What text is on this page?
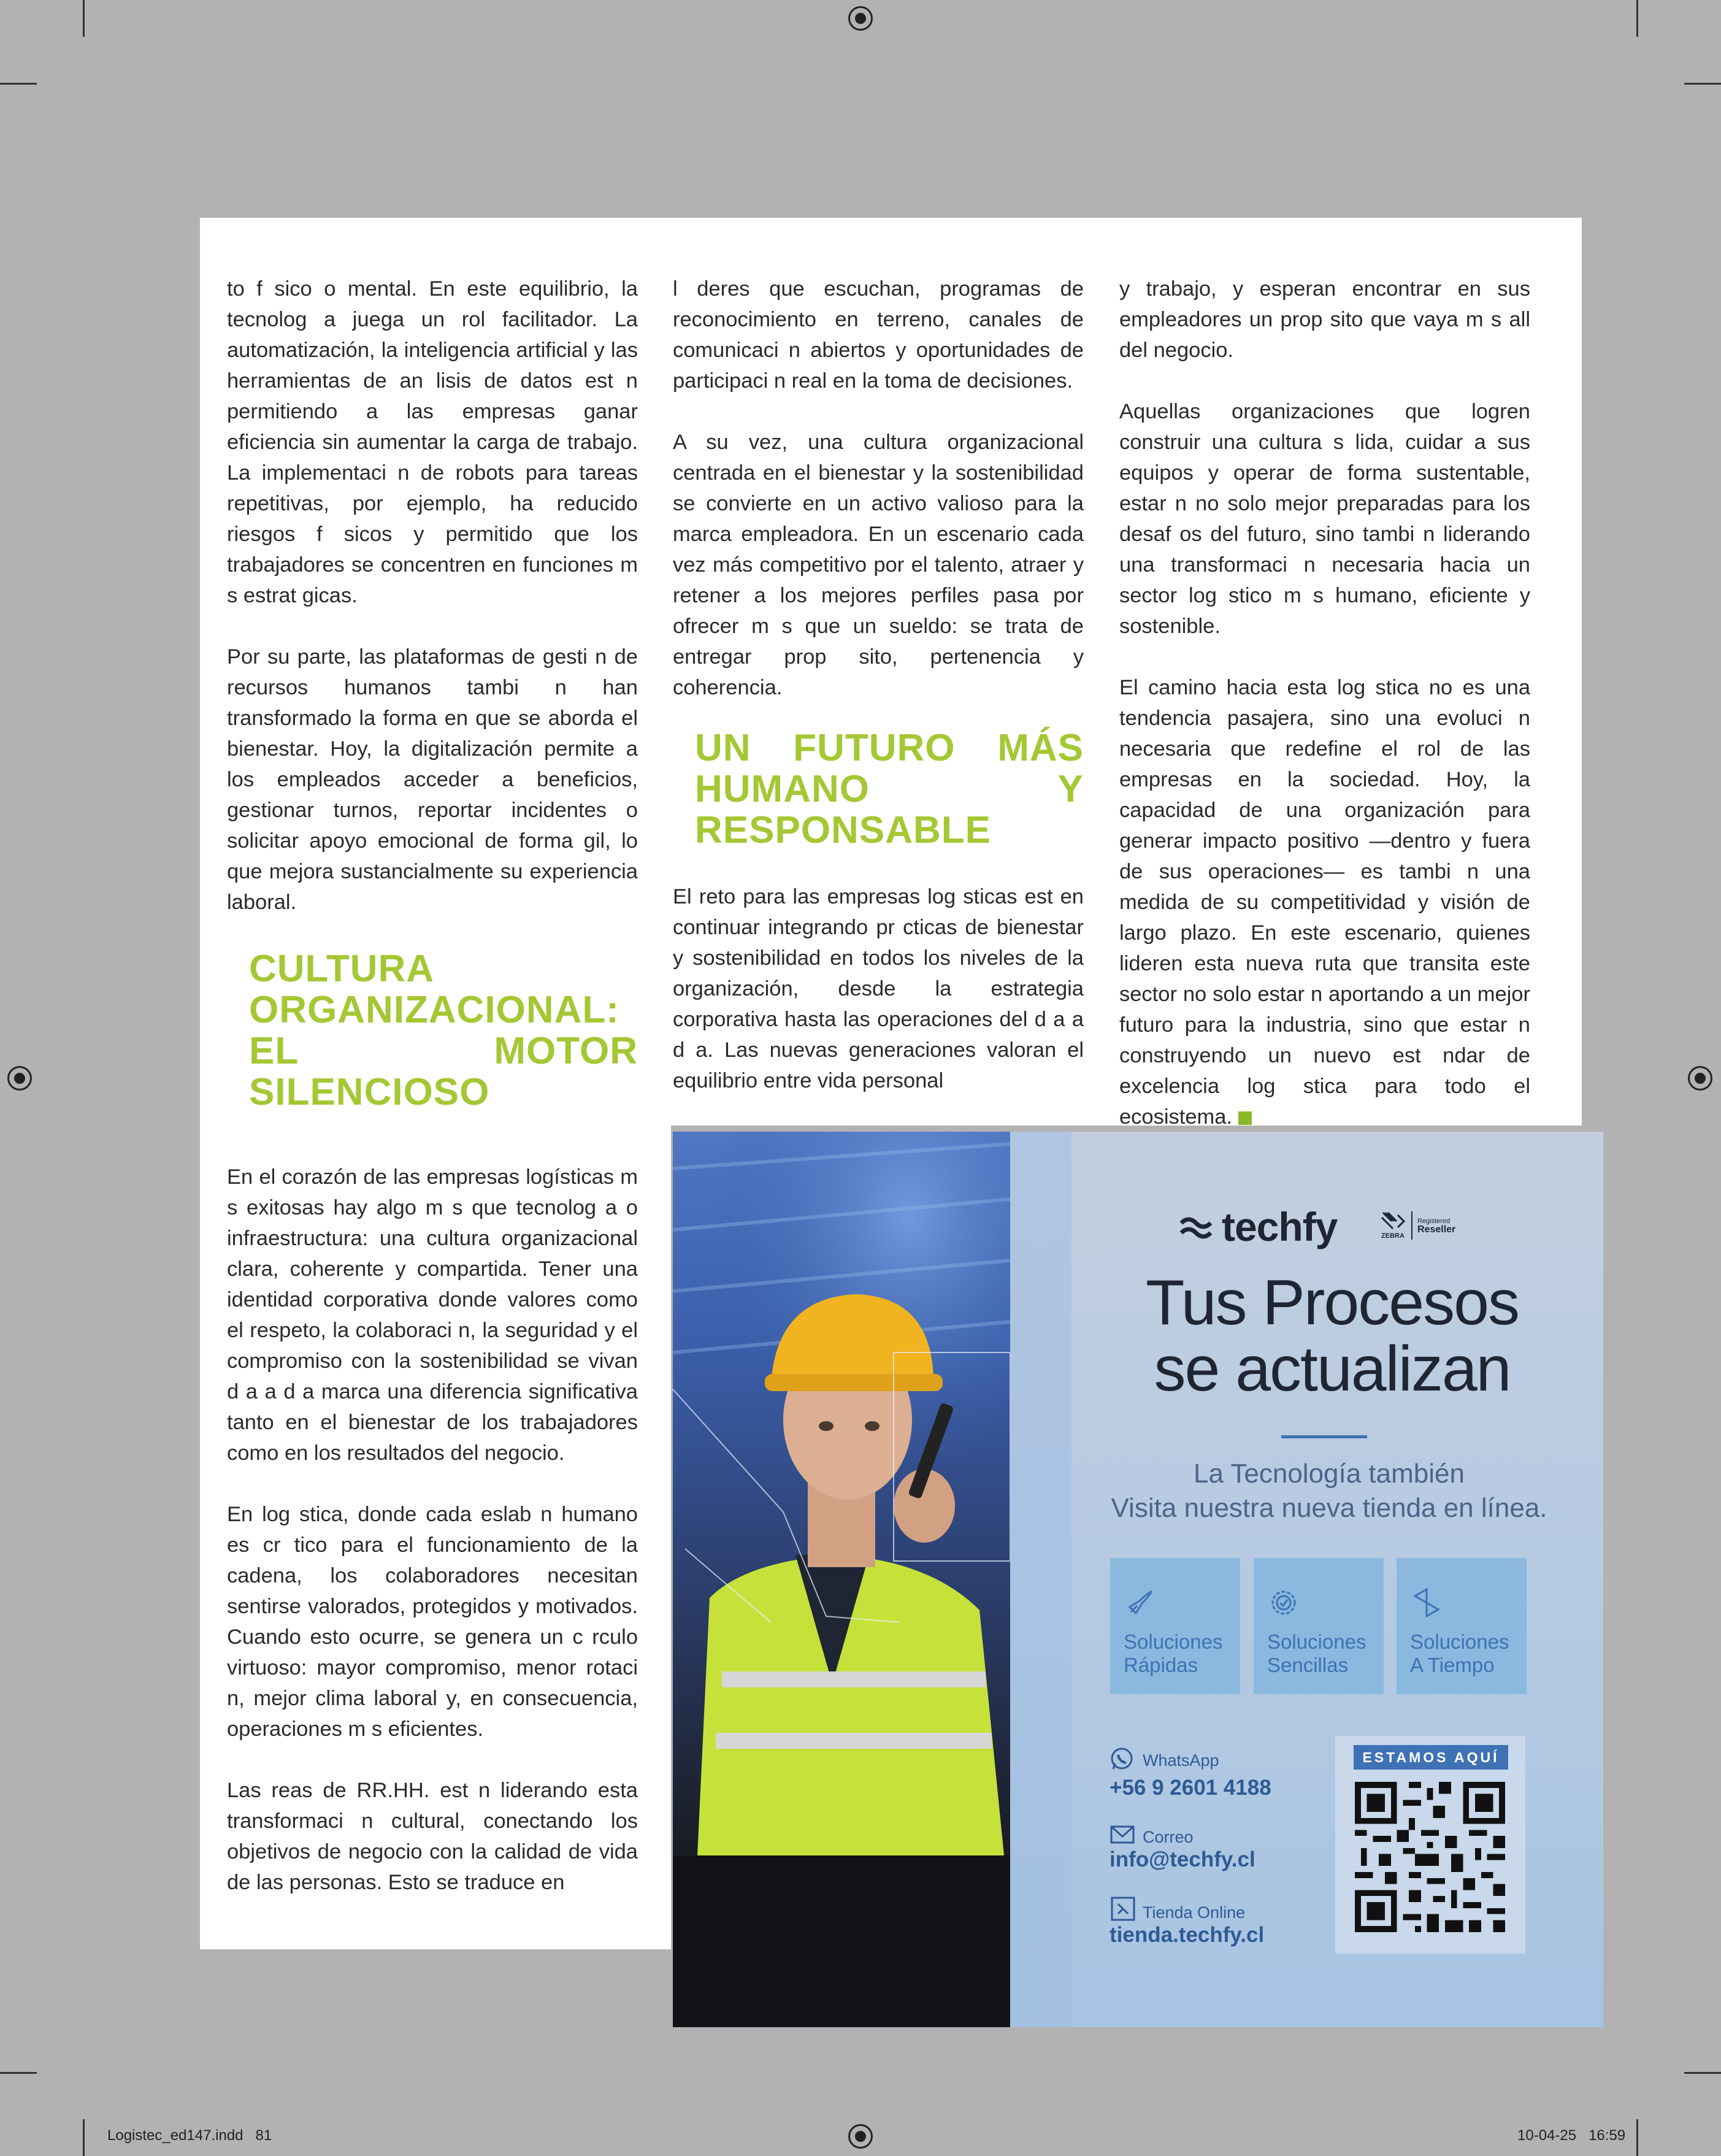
to f sico o mental. En este equilibrio, la tecnolog a juega un rol facilitador. La automatización, la inteligencia artificial y las herramientas de an lisis de datos est n permitiendo a las empresas ganar eficiencia sin aumentar la carga de trabajo. La implementaci n de robots para tareas repetitivas, por ejemplo, ha reducido riesgos f sicos y permitido que los trabajadores se concentren en funciones m s estrat gicas.

Por su parte, las plataformas de gesti n de recursos humanos tambi n han transformado la forma en que se aborda el bienestar. Hoy, la digitalización permite a los empleados acceder a beneficios, gestionar turnos, reportar incidentes o solicitar apoyo emocional de forma gil, lo que mejora sustancialmente su experiencia laboral.

CULTURA ORGANIZACIONAL: EL MOTOR SILENCIOSO

En el corazón de las empresas logísticas m s exitosas hay algo m s que tecnolog a o infraestructura: una cultura organizacional clara, coherente y compartida. Tener una identidad corporativa donde valores como el respeto, la colaboraci n, la seguridad y el compromiso con la sostenibilidad se vivan d a a d a marca una diferencia significativa tanto en el bienestar de los trabajadores como en los resultados del negocio.

En log stica, donde cada eslab n humano es cr tico para el funcionamiento de la cadena, los colaboradores necesitan sentirse valorados, protegidos y motivados. Cuando esto ocurre, se genera un c rculo virtuoso: mayor compromiso, menor rotaci n, mejor clima laboral y, en consecuencia, operaciones m s eficientes.

Las reas de RR.HH. est n liderando esta transformaci n cultural, conectando los objetivos de negocio con la calidad de vida de las personas. Esto se traduce en

l deres que escuchan, programas de reconocimiento en terreno, canales de comunicaci n abiertos y oportunidades de participaci n real en la toma de decisiones.

A su vez, una cultura organizacional centrada en el bienestar y la sostenibilidad se convierte en un activo valioso para la marca empleadora. En un escenario cada vez más competitivo por el talento, atraer y retener a los mejores perfiles pasa por ofrecer m s que un sueldo: se trata de entregar prop sito, pertenencia y coherencia.

UN FUTURO MÁS HUMANO Y RESPONSABLE

El reto para las empresas log sticas est en continuar integrando pr cticas de bienestar y sostenibilidad en todos los niveles de la organización, desde la estrategia corporativa hasta las operaciones del d a a d a. Las nuevas generaciones valoran el equilibrio entre vida personal

y trabajo, y esperan encontrar en sus empleadores un prop sito que vaya m s all del negocio.

Aquellas organizaciones que logren construir una cultura s lida, cuidar a sus equipos y operar de forma sustentable, estar n no solo mejor preparadas para los desaf os del futuro, sino tambi n liderando una transformaci n necesaria hacia un sector log stico m s humano, eficiente y sostenible.

El camino hacia esta log stica no es una tendencia pasajera, sino una evoluci n necesaria que redefine el rol de las empresas en la sociedad. Hoy, la capacidad de una organización para generar impacto positivo —dentro y fuera de sus operaciones— es tambi n una medida de su competitividad y visión de largo plazo. En este escenario, quienes lideren esta nueva ruta que transita este sector no solo estar n aportando a un mejor futuro para la industria, sino que estar n construyendo un nuevo est ndar de excelencia log stica para todo el ecosistema.

techfy	ZEBRA
Registered
Reseller
Tus Procesos
se actualizan
La Tecnología también
Visita nuestra nueva tienda en línea.
Soluciones
Rápidas
Soluciones
Sencillas
Soluciones
A Tiempo
WhatsApp
+56 9 2601 4188
Correo
info@techfy.cl
Tienda Online
tienda.techfy.cl
ESTAMOS AQUÍ
Logistec_ed147.indd   81	10-04-25   16:59
